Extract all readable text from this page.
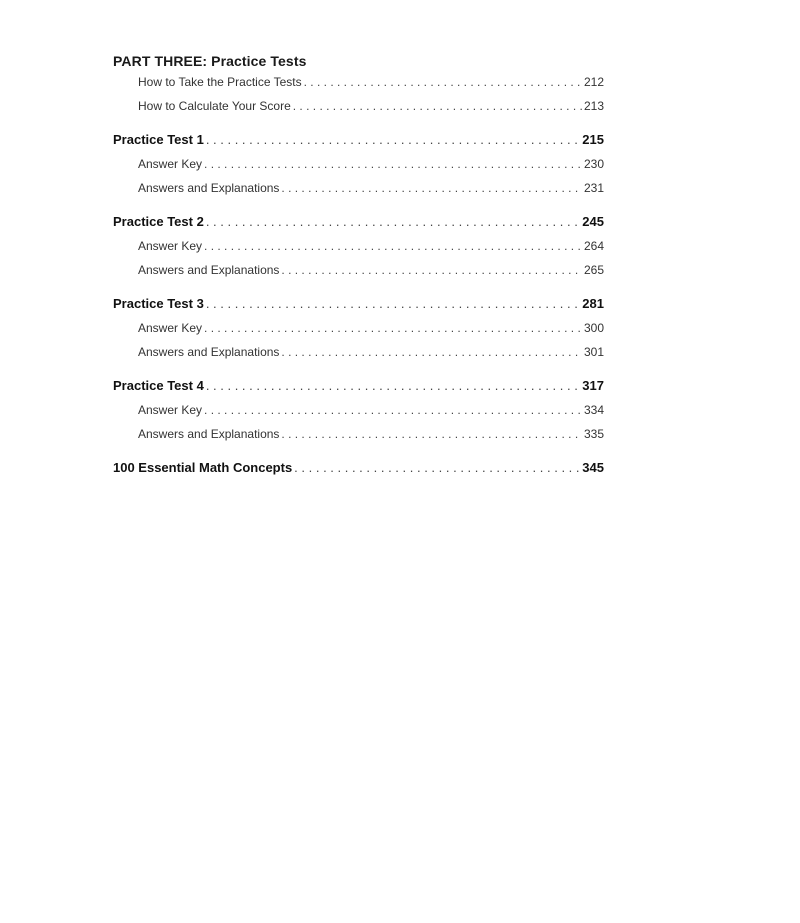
PART THREE: Practice Tests
How to Take the Practice Tests . . .	212
How to Calculate Your Score . . .	213
Practice Test 1 . . .	215
Answer Key . . .	230
Answers and Explanations . . .	231
Practice Test 2 . . .	245
Answer Key . . .	264
Answers and Explanations . . .	265
Practice Test 3 . . .	281
Answer Key . . .	300
Answers and Explanations . . .	301
Practice Test 4 . . .	317
Answer Key . . .	334
Answers and Explanations . . .	335
100 Essential Math Concepts . . .	345
